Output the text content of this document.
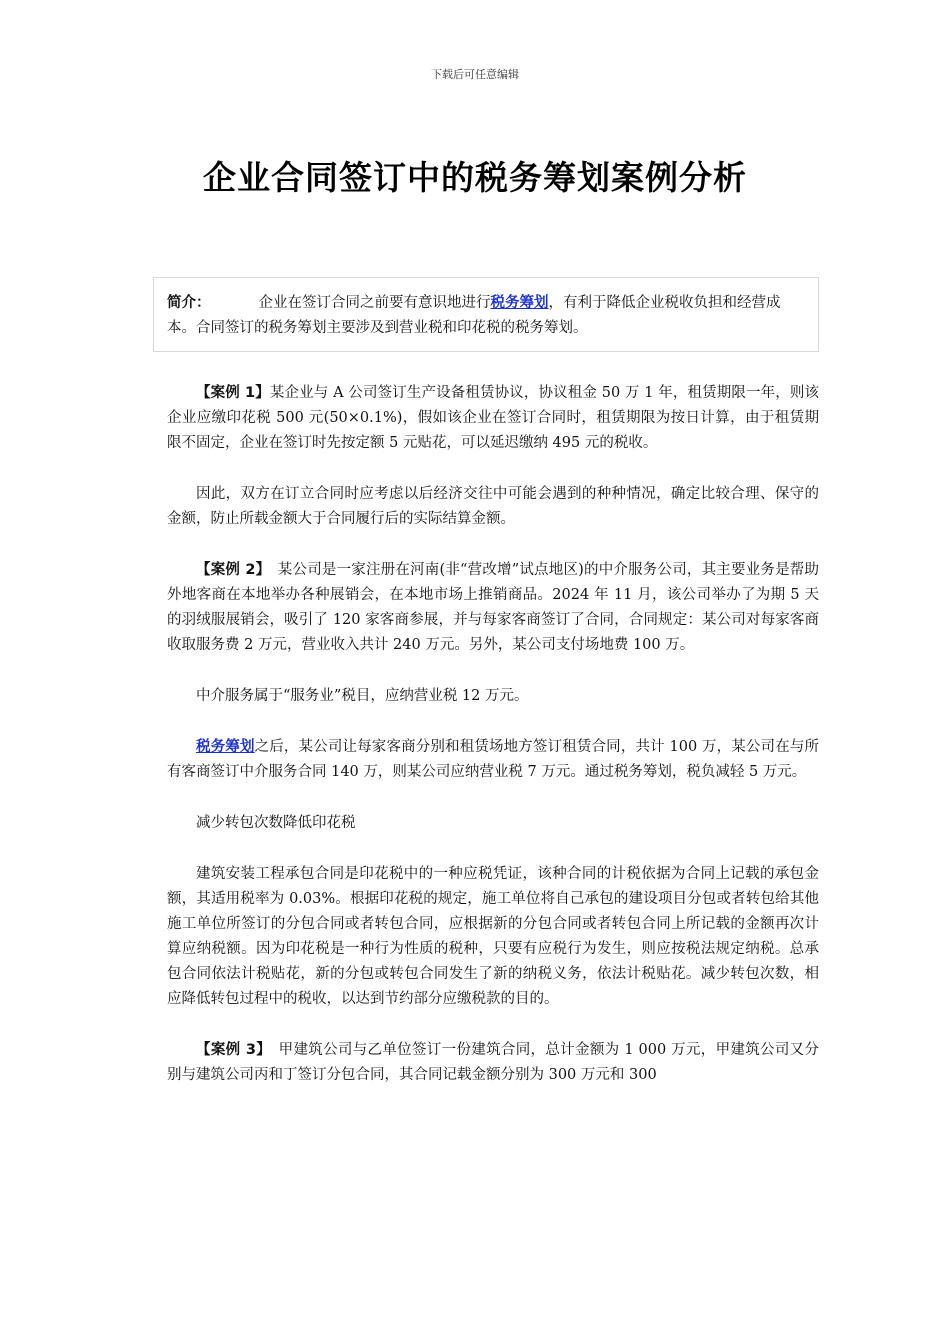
下载后可任意编辑
企业合同签订中的税务筹划案例分析
简介：	企业在签订合同之前要有意识地进行税务筹划，有利于降低企业税收负担和经营成本。合同签订的税务筹划主要涉及到营业税和印花税的税务筹划。

【案例 1】某企业与 A 公司签订生产设备租赁协议，协议租金 50 万 1 年，租赁期限一年，则该企业应缴印花税 500 元(50×0.1%)，假如该企业在签订合同时，租赁期限为按日计算，由于租赁期限不固定，企业在签订时先按定额 5 元贴花，可以延迟缴纳 495 元的税收。

因此，双方在订立合同时应考虑以后经济交往中可能会遇到的种种情况，确定比较合理、保守的金额，防止所载金额大于合同履行后的实际结算金额。

【案例 2】　某公司是一家注册在河南(非“营改增”试点地区)的中介服务公司，其主要业务是帮助外地客商在本地举办各种展销会，在本地市场上推销商品。2024 年 11 月，该公司举办了为期 5 天的羽绒服展销会，吸引了 120 家客商参展，并与每家客商签订了合同，合同规定：某公司对每家客商收取服务费 2 万元，营业收入共计 240 万元。另外，某公司支付场地费 100 万。

中介服务属于“服务业”税目，应纳营业税 12 万元。

税务筹划之后，某公司让每家客商分别和租赁场地方签订租赁合同，共计 100 万，某公司在与所有客商签订中介服务合同 140 万，则某公司应纳营业税 7 万元。通过税务筹划，税负减轻 5 万元。

减少转包次数降低印花税

建筑安装工程承包合同是印花税中的一种应税凭证，该种合同的计税依据为合同上记载的承包金额，其适用税率为 0.03%。根据印花税的规定，施工单位将自己承包的建设项目分包或者转包给其他施工单位所签订的分包合同或者转包合同，应根据新的分包合同或者转包合同上所记载的金额再次计算应纳税额。因为印花税是一种行为性质的税种，只要有应税行为发生，则应按税法规定纳税。总承包合同依法计税贴花，新的分包或转包合同发生了新的纳税义务，依法计税贴花。减少转包次数，相应降低转包过程中的税收，以达到节约部分应缴税款的目的。

【案例 3】　甲建筑公司与乙单位签订一份建筑合同，总计金额为 1 000 万元，甲建筑公司又分别与建筑公司丙和丁签订分包合同，其合同记载金额分别为 300 万元和 300
